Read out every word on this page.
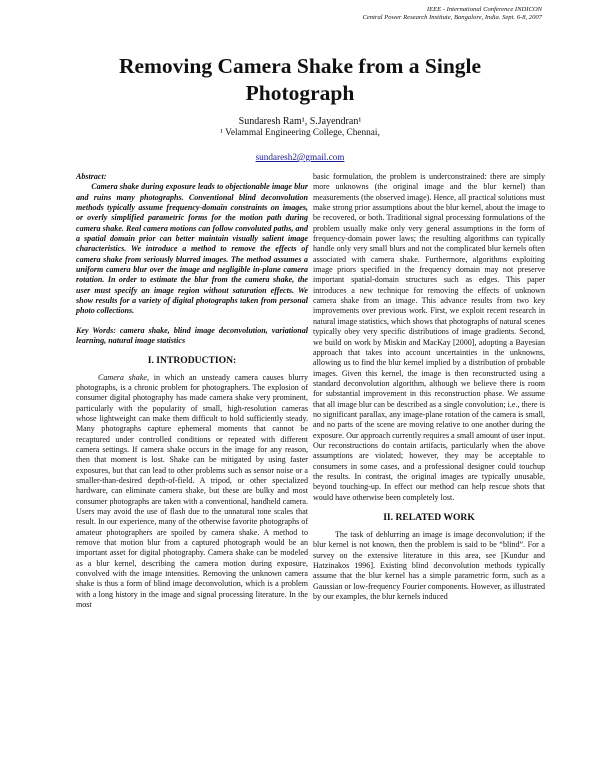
IEEE - International Conference INDICON
Central Power Research Institute, Bangalore, India. Sept. 6-8, 2007
Removing Camera Shake from a Single
Photograph
Sundaresh Ram¹, S.Jayendran¹
¹ Velammal Engineering College, Chennai,
sundaresh2@gmail.com

Abstract:
Camera shake during exposure leads to objectionable image blur and ruins many photographs. Conventional blind deconvolution methods typically assume frequency-domain constraints on images, or overly simplified parametric forms for the motion path during camera shake. Real camera motions can follow convoluted paths, and a spatial domain prior can better maintain visually salient image characteristics. We introduce a method to remove the effects of camera shake from seriously blurred images. The method assumes a uniform camera blur over the image and negligible in-plane camera rotation. In order to estimate the blur from the camera shake, the user must specify an image region without saturation effects. We show results for a variety of digital photographs taken from personal photo collections.

Key Words: camera shake, blind image deconvolution, variational learning, natural image statistics

I. INTRODUCTION:

Camera shake, in which an unsteady camera causes blurry photographs, is a chronic problem for photographers. The explosion of consumer digital photography has made camera shake very prominent, particularly with the popularity of small, high-resolution cameras whose lightweight can make them difficult to hold sufficiently steady. Many photographs capture ephemeral moments that cannot be recaptured under controlled conditions or repeated with different camera settings. If camera shake occurs in the image for any reason, then that moment is lost. Shake can be mitigated by using faster exposures, but that can lead to other problems such as sensor noise or a smaller-than-desired depth-of-field. A tripod, or other specialized hardware, can eliminate camera shake, but these are bulky and most consumer photographs are taken with a conventional, handheld camera. Users may avoid the use of flash due to the unnatural tone scales that result. In our experience, many of the otherwise favorite photographs of amateur photographers are spoiled by camera shake. A method to remove that motion blur from a captured photograph would be an important asset for digital photography. Camera shake can be modeled as a blur kernel, describing the camera motion during exposure, convolved with the image intensities. Removing the unknown camera shake is thus a form of blind image deconvolution, which is a problem with a long history in the image and signal processing literature. In the most

basic formulation, the problem is underconstrained: there are simply more unknowns (the original image and the blur kernel) than measurements (the observed image). Hence, all practical solutions must make strong prior assumptions about the blur kernel, about the image to be recovered, or both. Traditional signal processing formulations of the problem usually make only very general assumptions in the form of frequency-domain power laws; the resulting algorithms can typically handle only very small blurs and not the complicated blur kernels often associated with camera shake. Furthermore, algorithms exploiting image priors specified in the frequency domain may not preserve important spatial-domain structures such as edges. This paper introduces a new technique for removing the effects of unknown camera shake from an image. This advance results from two key improvements over previous work. First, we exploit recent research in natural image statistics, which shows that photographs of natural scenes typically obey very specific distributions of image gradients. Second, we build on work by Miskin and MacKay [2000], adopting a Bayesian approach that takes into account uncertainties in the unknowns, allowing us to find the blur kernel implied by a distribution of probable images. Given this kernel, the image is then reconstructed using a standard deconvolution algorithm, although we believe there is room for substantial improvement in this reconstruction phase. We assume that all image blur can be described as a single convolution; i.e., there is no significant parallax, any image-plane rotation of the camera is small, and no parts of the scene are moving relative to one another during the exposure. Our approach currently requires a small amount of user input. Our reconstructions do contain artifacts, particularly when the above assumptions are violated; however, they may be acceptable to consumers in some cases, and a professional designer could touchup the results. In contrast, the original images are typically unusable, beyond touching-up. In effect our method can help rescue shots that would have otherwise been completely lost.

II. RELATED WORK

The task of deblurring an image is image deconvolution; if the blur kernel is not known, then the problem is said to be “blind”. For a survey on the extensive literature in this area, see [Kundur and Hatzinakos 1996]. Existing blind deconvolution methods typically assume that the blur kernel has a simple parametric form, such as a Gaussian or low-frequency Fourier components. However, as illustrated by our examples, the blur kernels induced
